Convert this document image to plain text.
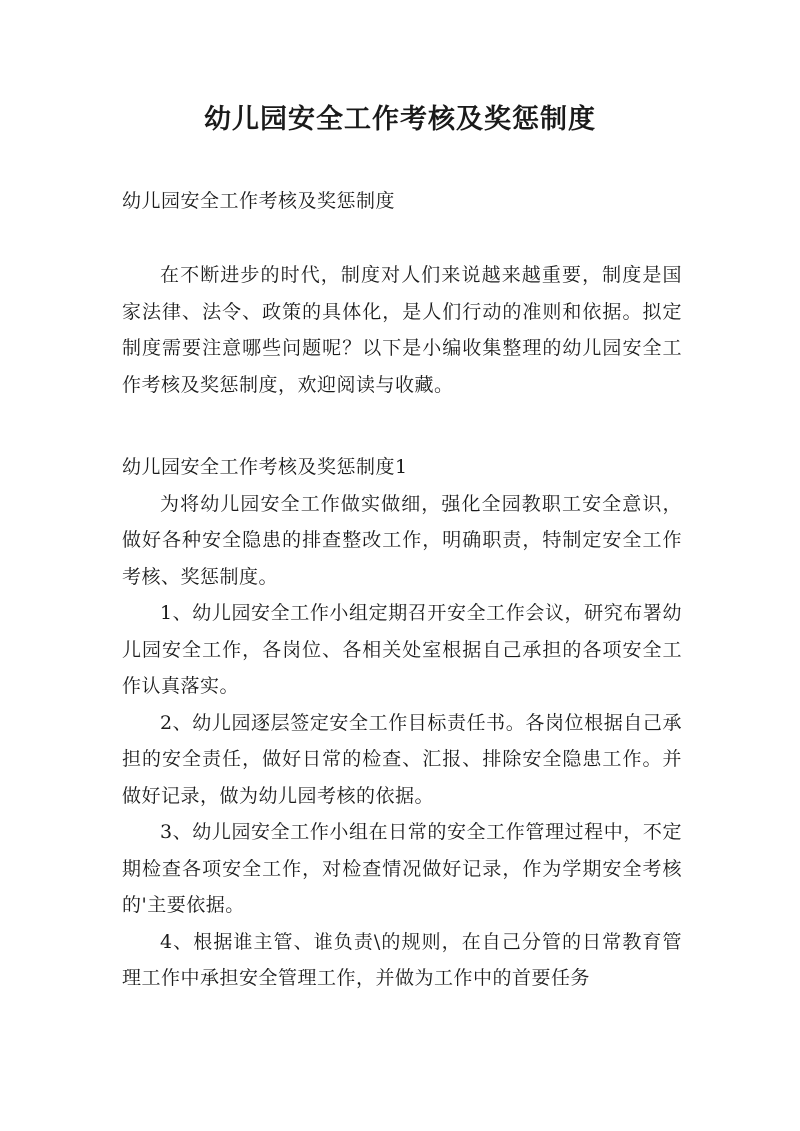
幼儿园安全工作考核及奖惩制度

幼儿园安全工作考核及奖惩制度

在不断进步的时代，制度对人们来说越来越重要，制度是国家法律、法令、政策的具体化，是人们行动的准则和依据。拟定制度需要注意哪些问题呢？以下是小编收集整理的幼儿园安全工作考核及奖惩制度，欢迎阅读与收藏。

幼儿园安全工作考核及奖惩制度1

为将幼儿园安全工作做实做细，强化全园教职工安全意识，做好各种安全隐患的排查整改工作，明确职责，特制定安全工作考核、奖惩制度。

1、幼儿园安全工作小组定期召开安全工作会议，研究布署幼儿园安全工作，各岗位、各相关处室根据自己承担的各项安全工作认真落实。

2、幼儿园逐层签定安全工作目标责任书。各岗位根据自己承担的安全责任，做好日常的检查、汇报、排除安全隐患工作。并做好记录，做为幼儿园考核的依据。

3、幼儿园安全工作小组在日常的安全工作管理过程中，不定期检查各项安全工作，对检查情况做好记录，作为学期安全考核的'主要依据。

4、根据谁主管、谁负责\的规则，在自己分管的日常教育管理工作中承担安全管理工作，并做为工作中的首要任务
